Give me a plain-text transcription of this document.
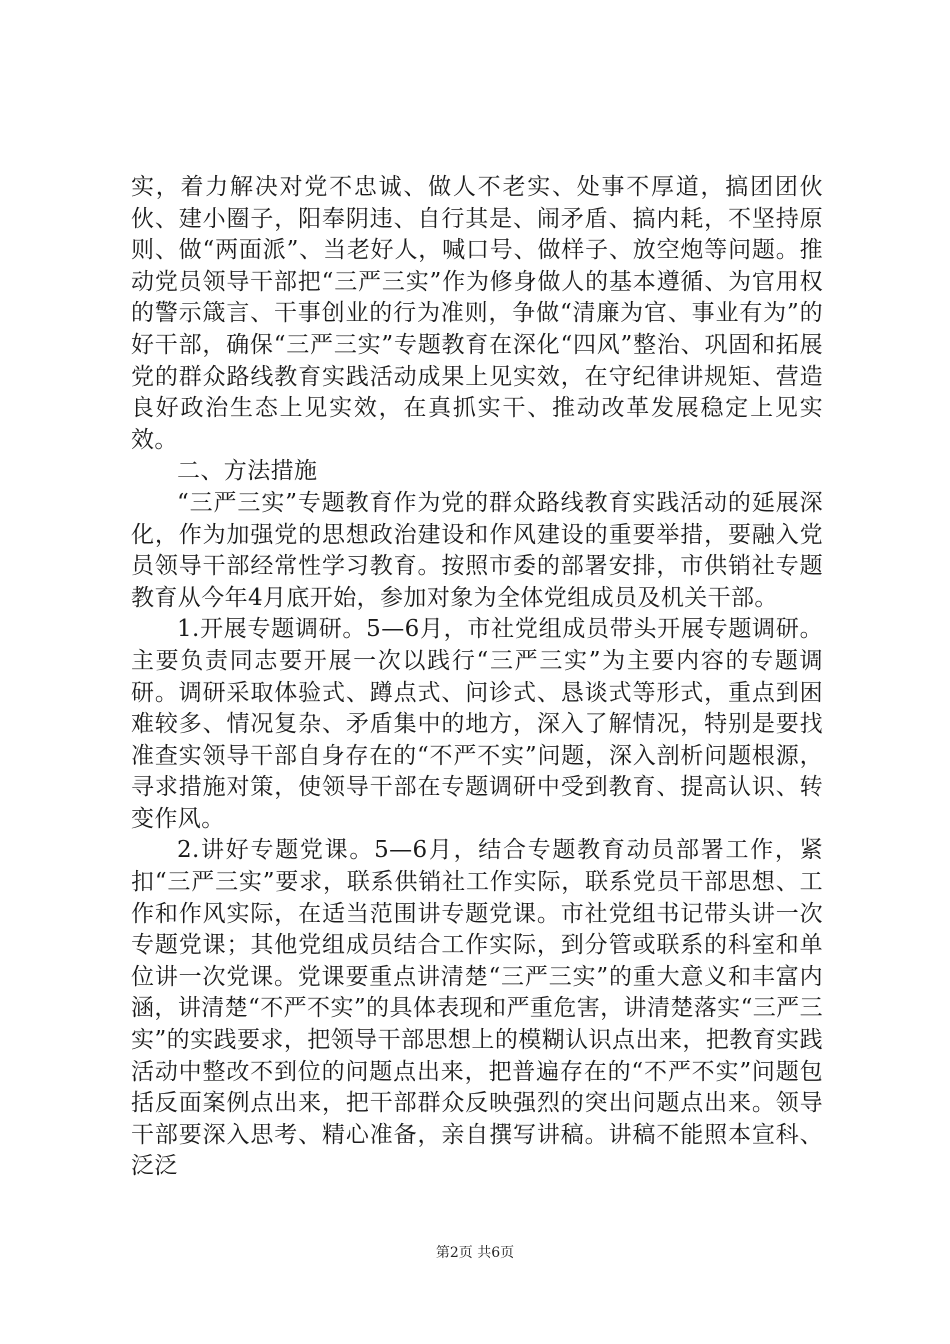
实，着力解决对党不忠诚、做人不老实、处事不厚道，搞团团伙伙、建小圈子，阳奉阴违、自行其是、闹矛盾、搞内耗，不坚持原则、做“两面派”、当老好人，喊口号、做样子、放空炮等问题。推动党员领导干部把“三严三实”作为修身做人的基本遵循、为官用权的警示箴言、干事创业的行为准则，争做“清廉为官、事业有为”的好干部，确保“三严三实”专题教育在深化“四风”整治、巩固和拓展党的群众路线教育实践活动成果上见实效，在守纪律讲规矩、营造良好政治生态上见实效，在真抓实干、推动改革发展稳定上见实效。

二、方法措施

“三严三实”专题教育作为党的群众路线教育实践活动的延展深化，作为加强党的思想政治建设和作风建设的重要举措，要融入党员领导干部经常性学习教育。按照市委的部署安排，市供销社专题教育从今年4月底开始，参加对象为全体党组成员及机关干部。

1.开展专题调研。5—6月，市社党组成员带头开展专题调研。主要负责同志要开展一次以践行“三严三实”为主要内容的专题调研。调研采取体验式、蹲点式、问诊式、恳谈式等形式，重点到困难较多、情况复杂、矛盾集中的地方，深入了解情况，特别是要找准查实领导干部自身存在的“不严不实”问题，深入剖析问题根源，寻求措施对策，使领导干部在专题调研中受到教育、提高认识、转变作风。

2.讲好专题党课。5—6月，结合专题教育动员部署工作，紧扣“三严三实”要求，联系供销社工作实际，联系党员干部思想、工作和作风实际，在适当范围讲专题党课。市社党组书记带头讲一次专题党课；其他党组成员结合工作实际，到分管或联系的科室和单位讲一次党课。党课要重点讲清楚“三严三实”的重大意义和丰富内涵，讲清楚“不严不实”的具体表现和严重危害，讲清楚落实“三严三实”的实践要求，把领导干部思想上的模糊认识点出来，把教育实践活动中整改不到位的问题点出来，把普遍存在的“不严不实”问题包括反面案例点出来，把干部群众反映强烈的突出问题点出来。领导干部要深入思考、精心准备，亲自撰写讲稿。讲稿不能照本宣科、泛泛

第2页 共6页
